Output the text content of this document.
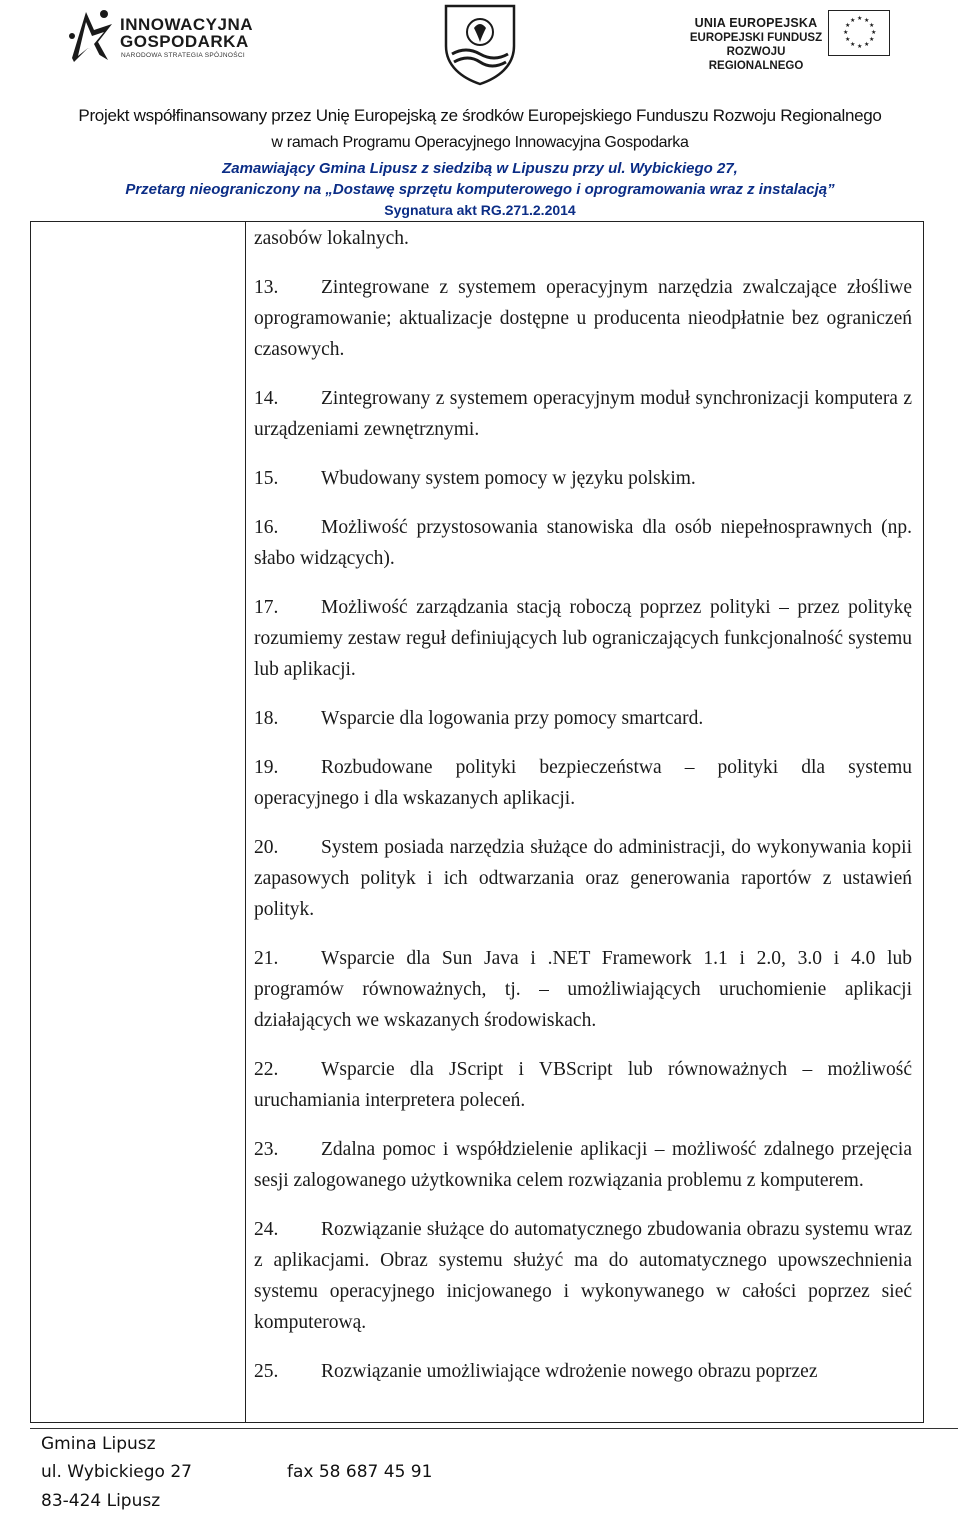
INNOWACYJNA
GOSPODARKA
NARODOWA STRATEGIA SPÓJNOŚCI
UNIA EUROPEJSKA
EUROPEJSKI FUNDUSZ
ROZWOJU REGIONALNEGO
★ ★
★
★
★
★
★
★
★
★
★
★
Projekt współfinansowany przez Unię Europejską ze środków Europejskiego Funduszu Rozwoju Regionalnego
w ramach Programu Operacyjnego Innowacyjna Gospodarka
Zamawiający Gmina Lipusz z siedzibą w Lipuszu przy ul. Wybickiego 27,
Przetarg nieograniczony na „Dostawę sprzętu komputerowego i oprogramowania wraz z instalacją”
Sygnatura akt RG.271.2.2014

zasobów lokalnych.

13. Zintegrowane z systemem operacyjnym narzędzia zwalczające złośliwe oprogramowanie; aktualizacje dostępne u producenta nieodpłatnie bez ograniczeń czasowych.

14. Zintegrowany z systemem operacyjnym moduł synchronizacji komputera z urządzeniami zewnętrznymi.

15. Wbudowany system pomocy w języku polskim.

16. Możliwość przystosowania stanowiska dla osób niepełnosprawnych (np. słabo widzących).

17. Możliwość zarządzania stacją roboczą poprzez polityki – przez politykę rozumiemy zestaw reguł definiujących lub ograniczających funkcjonalność systemu lub aplikacji.

18. Wsparcie dla logowania przy pomocy smartcard.

19. Rozbudowane polityki bezpieczeństwa – polityki dla systemu operacyjnego i dla wskazanych aplikacji.

20. System posiada narzędzia służące do administracji, do wykonywania kopii zapasowych polityk i ich odtwarzania oraz generowania raportów z ustawień polityk.

21. Wsparcie dla Sun Java i .NET Framework 1.1 i 2.0, 3.0 i 4.0 lub programów równoważnych, tj. – umożliwiających uruchomienie aplikacji działających we wskazanych środowiskach.

22. Wsparcie dla JScript i VBScript lub równoważnych – możliwość uruchamiania interpretera poleceń.

23. Zdalna pomoc i współdzielenie aplikacji – możliwość zdalnego przejęcia sesji zalogowanego użytkownika celem rozwiązania problemu z komputerem.

24. Rozwiązanie służące do automatycznego zbudowania obrazu systemu wraz z aplikacjami. Obraz systemu służyć ma do automatycznego upowszechnienia systemu operacyjnego inicjowanego i wykonywanego w całości poprzez sieć komputerową.

25. Rozwiązanie umożliwiające wdrożenie nowego obrazu poprzez

Gmina Lipusz
ul. Wybickiego 27	fax 58 687 45 91
83-424 Lipusz
